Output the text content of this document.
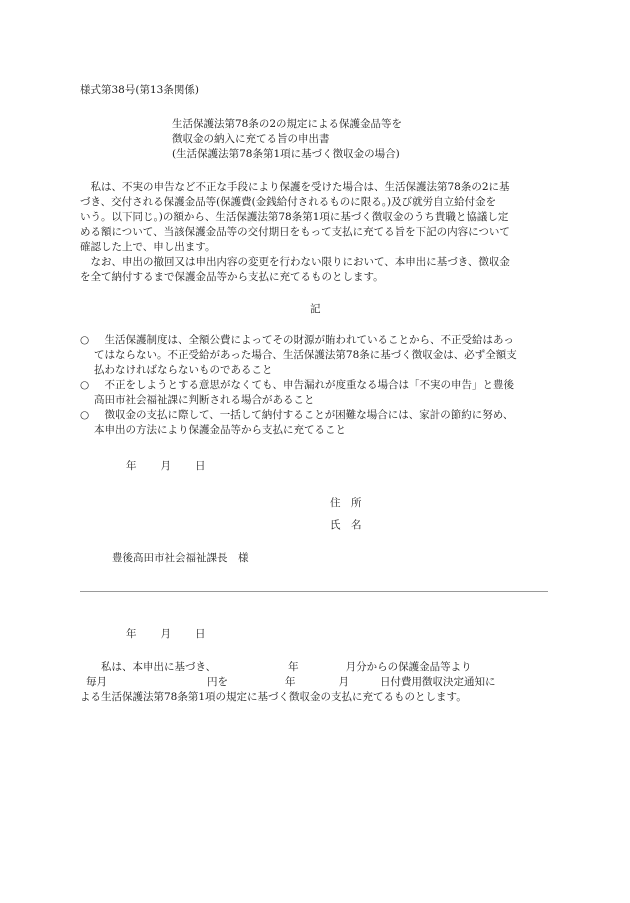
様式第38号(第13条関係)
生活保護法第78条の2の規定による保護金品等を
徴収金の納入に充てる旨の申出書
(生活保護法第78条第1項に基づく徴収金の場合)
　私は、不実の申告など不正な手段により保護を受けた場合は、生活保護法第78条の2に基
づき、交付される保護金品等(保護費(金銭給付されるものに限る。)及び就労自立給付金を
いう。以下同じ。)の額から、生活保護法第78条第1項に基づく徴収金のうち貴職と協議し定
める額について、当該保護金品等の交付期日をもって支払に充てる旨を下記の内容について
確認した上で、申し出ます。
　なお、申出の撤回又は申出内容の変更を行わない限りにおいて、本申出に基づき、徴収金
を全て納付するまで保護金品等から支払に充てるものとします。
記
○ 　生活保護制度は、全額公費によってその財源が賄われていることから、不正受給はあっ
てはならない。不正受給があった場合、生活保護法第78条に基づく徴収金は、必ず全額支
払わなければならないものであること
○ 　不正をしようとする意思がなくても、申告漏れが度重なる場合は「不実の申告」と豊後
高田市社会福祉課に判断される場合があること
○ 　徴収金の支払に際して、一括して納付することが困難な場合には、家計の節約に努め、
本申出の方法により保護金品等から支払に充てること
年 月 日
住　所
氏　名
豊後高田市社会福祉課長　様
年 月 日
私は、本申出に基づき、	年	月分からの保護金品等より
毎月	円を	年	月	日付費用徴収決定通知に
よる生活保護法第78条第1項の規定に基づく徴収金の支払に充てるものとします。
